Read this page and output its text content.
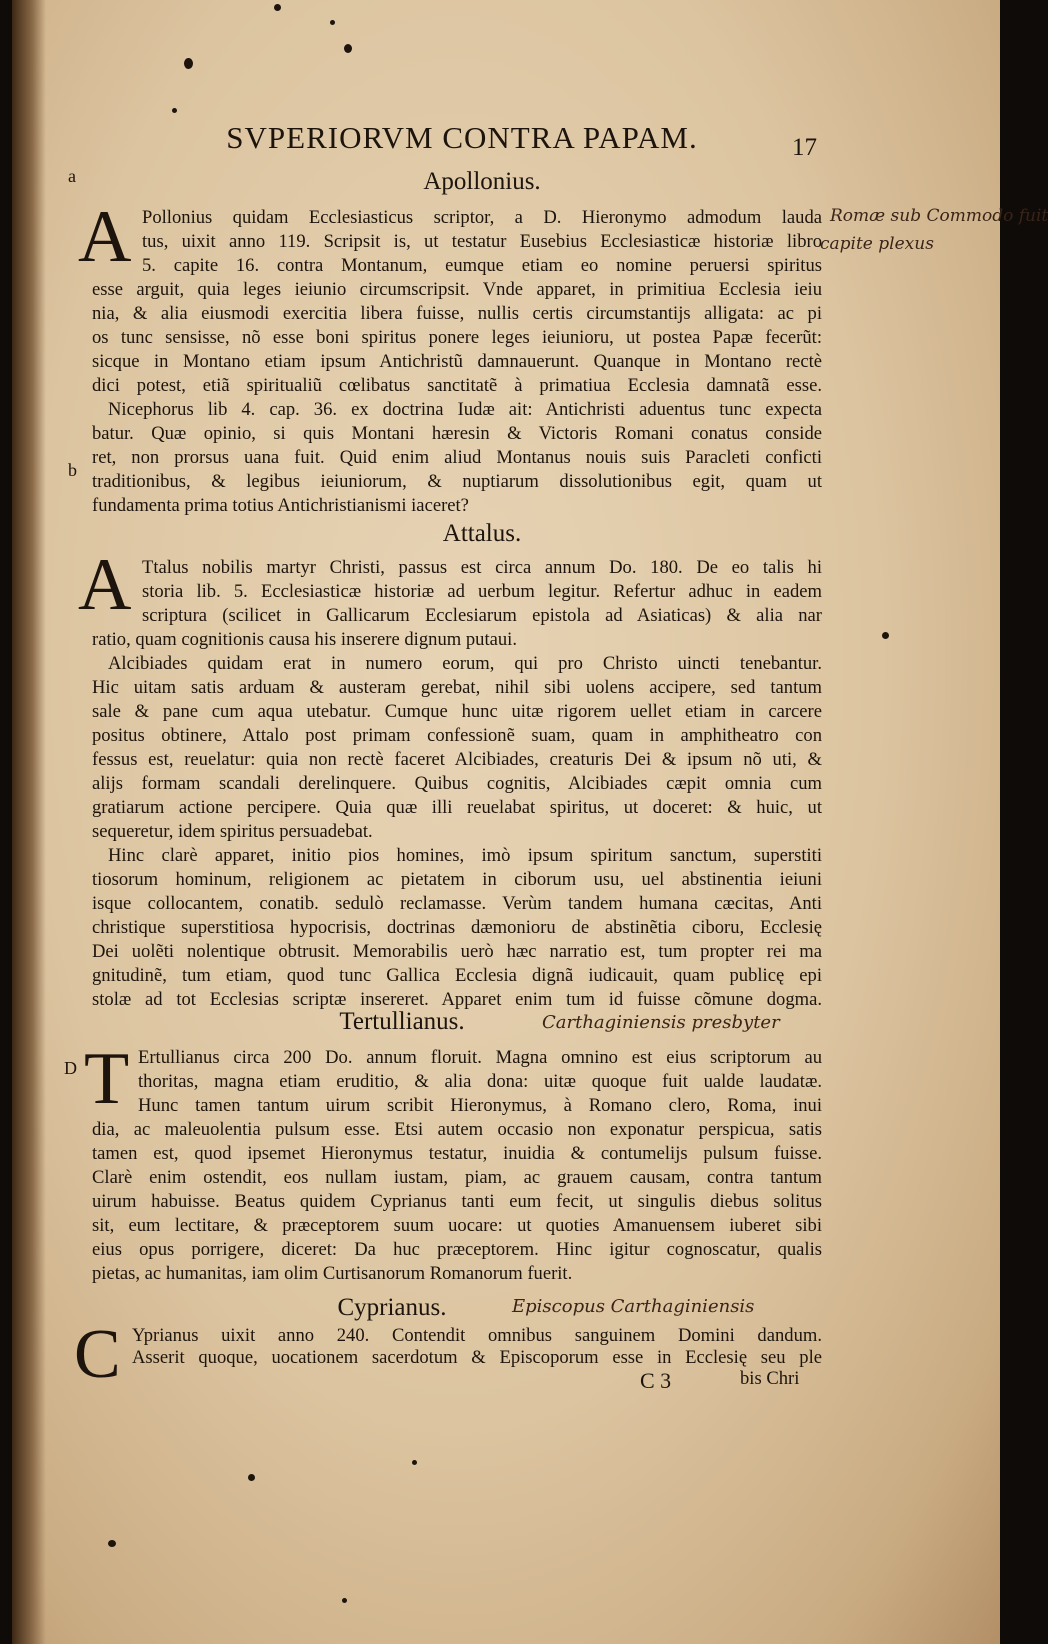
SVPERIORVM CONTRA PAPAM.	17
a
b
D
Apollonius.
A Pollonius quidam Ecclesiasticus scriptor, a D. Hieronymo admodum lauda
tus, uixit anno 119. Scripsit is, ut testatur Eusebius Ecclesiasticæ historiæ libro
5. capite 16. contra Montanum, eumque etiam eo nomine peruersi spiritus
esse arguit, quia leges ieiunio circumscripsit. Vnde apparet, in primitiua Ecclesia ieiu
nia, & alia eiusmodi exercitia libera fuisse, nullis certis circumstantijs alligata: ac pi
os tunc sensisse, nõ esse boni spiritus ponere leges ieiunioru, ut postea Papæ fecerũt:
sicque in Montano etiam ipsum Antichristũ damnauerunt. Quanque in Montano rectè
dici potest, etiã spiritualiũ cœlibatus sanctitatẽ à primatiua Ecclesia damnatã esse.
Nicephorus lib 4. cap. 36. ex doctrina Iudæ ait: Antichristi aduentus tunc expecta
batur. Quæ opinio, si quis Montani hæresin & Victoris Romani conatus conside
ret, non prorsus uana fuit. Quid enim aliud Montanus nouis suis Paracleti conficti
traditionibus, & legibus ieiuniorum, & nuptiarum dissolutionibus egit, quam ut
fundamenta prima totius Antichristianismi iaceret?
Attalus.
A Ttalus nobilis martyr Christi, passus est circa annum Do. 180. De eo talis hi
storia lib. 5. Ecclesiasticæ historiæ ad uerbum legitur. Refertur adhuc in eadem
scriptura (scilicet in Gallicarum Ecclesiarum epistola ad Asiaticas) & alia nar
ratio, quam cognitionis causa his inserere dignum putaui.
Alcibiades quidam erat in numero eorum, qui pro Christo uincti tenebantur.
Hic uitam satis arduam & austeram gerebat, nihil sibi uolens accipere, sed tantum
sale & pane cum aqua utebatur. Cumque hunc uitæ rigorem uellet etiam in carcere
positus obtinere, Attalo post primam confessionẽ suam, quam in amphitheatro con
fessus est, reuelatur: quia non rectè faceret Alcibiades, creaturis Dei & ipsum nõ uti, &
alijs formam scandali derelinquere. Quibus cognitis, Alcibiades cæpit omnia cum
gratiarum actione percipere. Quia quæ illi reuelabat spiritus, ut doceret: & huic, ut
sequeretur, idem spiritus persuadebat.
Hinc clarè apparet, initio pios homines, imò ipsum spiritum sanctum, superstiti
tiosorum hominum, religionem ac pietatem in ciborum usu, uel abstinentia ieiuni
isque collocantem, conatib. sedulò reclamasse. Verùm tandem humana cæcitas, Anti
christique superstitiosa hypocrisis, doctrinas dæmonioru de abstinẽtia ciboru, Ecclesię
Dei uolẽti nolentique obtrusit. Memorabilis uerò hæc narratio est, tum propter rei ma
gnitudinẽ, tum etiam, quod tunc Gallica Ecclesia dignã iudicauit, quam publicę epi
stolæ ad tot Ecclesias scriptæ insereret. Apparet enim tum id fuisse cõmune dogma.
Tertullianus.	Carthaginiensis presbyter
T Ertullianus circa 200 Do. annum floruit. Magna omnino est eius scriptorum au
thoritas, magna etiam eruditio, & alia dona: uitæ quoque fuit ualde laudatæ.
Hunc tamen tantum uirum scribit Hieronymus, à Romano clero, Roma, inui
dia, ac maleuolentia pulsum esse. Etsi autem occasio non exponatur perspicua, satis
tamen est, quod ipsemet Hieronymus testatur, inuidia & contumelijs pulsum fuisse.
Clarè enim ostendit, eos nullam iustam, piam, ac grauem causam, contra tantum
uirum habuisse. Beatus quidem Cyprianus tanti eum fecit, ut singulis diebus solitus
sit, eum lectitare, & præceptorem suum uocare: ut quoties Amanuensem iuberet sibi
eius opus porrigere, diceret: Da huc præceptorem. Hinc igitur cognoscatur, qualis
pietas, ac humanitas, iam olim Curtisanorum Romanorum fuerit.
Cyprianus.	Episcopus Carthaginiensis
C Yprianus uixit anno 240. Contendit omnibus sanguinem Domini dandum.
Asserit quoque, uocationem sacerdotum & Episcoporum esse in Ecclesię seu ple
C 3	bis Chri
Romæ sub Commodo fuit
capite plexus
